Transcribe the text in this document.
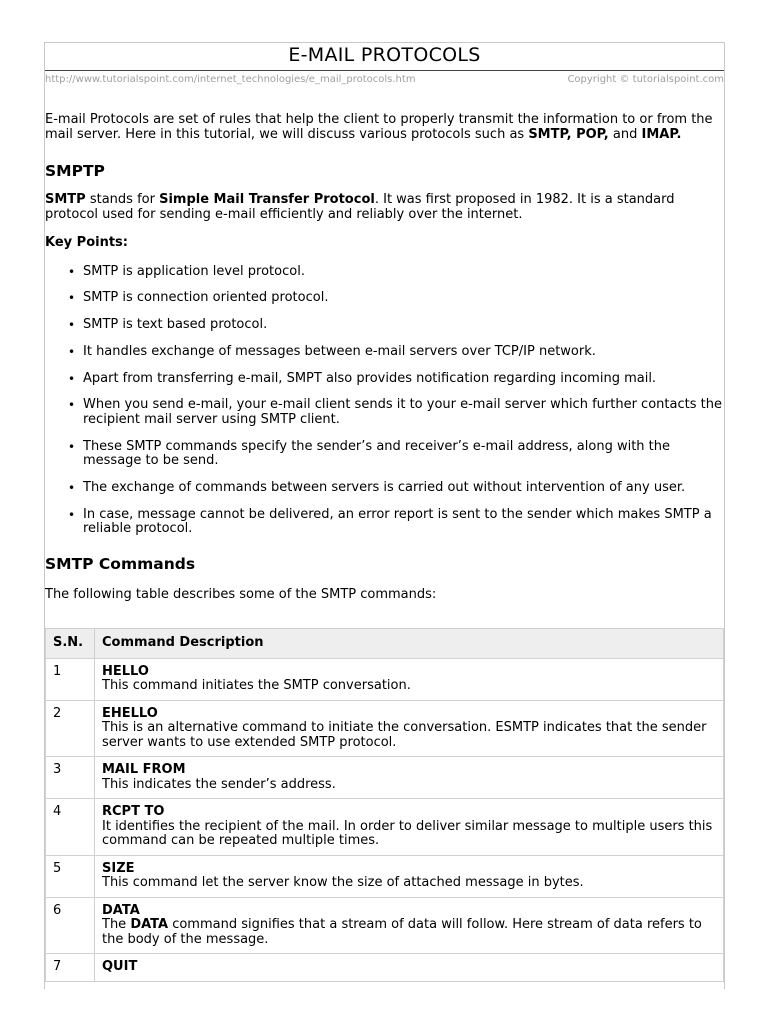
E-MAIL PROTOCOLS
http://www.tutorialspoint.com/internet_technologies/e_mail_protocols.htm	Copyright © tutorialspoint.com

E-mail Protocols are set of rules that help the client to properly transmit the information to or from the mail server. Here in this tutorial, we will discuss various protocols such as SMTP, POP, and IMAP.

SMPTP

SMTP stands for Simple Mail Transfer Protocol. It was first proposed in 1982. It is a standard protocol used for sending e-mail efficiently and reliably over the internet.

Key Points:

• SMTP is application level protocol.
• SMTP is connection oriented protocol.
• SMTP is text based protocol.
• It handles exchange of messages between e-mail servers over TCP/IP network.
• Apart from transferring e-mail, SMPT also provides notification regarding incoming mail.
• When you send e-mail, your e-mail client sends it to your e-mail server which further contacts the recipient mail server using SMTP client.
• These SMTP commands specify the sender’s and receiver’s e-mail address, along with the message to be send.
• The exchange of commands between servers is carried out without intervention of any user.
• In case, message cannot be delivered, an error report is sent to the sender which makes SMTP a reliable protocol.
SMTP Commands

The following table describes some of the SMTP commands:

S.N.	Command Description
1	HELLO
This command initiates the SMTP conversation.
2	EHELLO
This is an alternative command to initiate the conversation. ESMTP indicates that the sender server wants to use extended SMTP protocol.
3	MAIL FROM
This indicates the sender’s address.
4	RCPT TO
It identifies the recipient of the mail. In order to deliver similar message to multiple users this command can be repeated multiple times.
5	SIZE
This command let the server know the size of attached message in bytes.
6	DATA
The DATA command signifies that a stream of data will follow. Here stream of data refers to the body of the message.
7	QUIT
